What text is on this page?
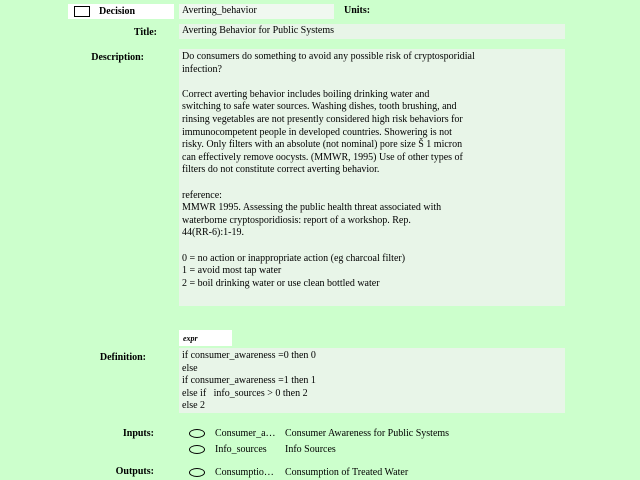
Decision	Averting_behavior	Units:
Title:	Averting Behavior for Public Systems
Description:	Do consumers do something to avoid any possible risk of cryptosporidial
infection?

Correct averting behavior includes boiling drinking water and
switching to safe water sources. Washing dishes, tooth brushing, and
rinsing vegetables are not presently considered high risk behaviors for
immunocompetent people in developed countries. Showering is not
risky. Only filters with an absolute (not nominal) pore size Š 1 micron
can effectively remove oocysts. (MMWR, 1995) Use of other types of
filters do not constitute correct averting behavior.

reference:
MMWR 1995. Assessing the public health threat associated with
waterborne cryptosporidiosis: report of a workshop. Rep.
44(RR-6):1-19.

0 = no action or inappropriate action (eg charcoal filter)
1 = avoid most tap water
2 = boil drinking water or use clean bottled water

expr
Definition:	if consumer_awareness =0 then 0
else
if consumer_awareness =1 then 1
else if   info_sources > 0 then 2
else 2
Inputs:	Consumer_a… Consumer Awareness for Public Systems
Info_sources	Info Sources
Outputs:	Consumptio…	Consumption of Treated Water
